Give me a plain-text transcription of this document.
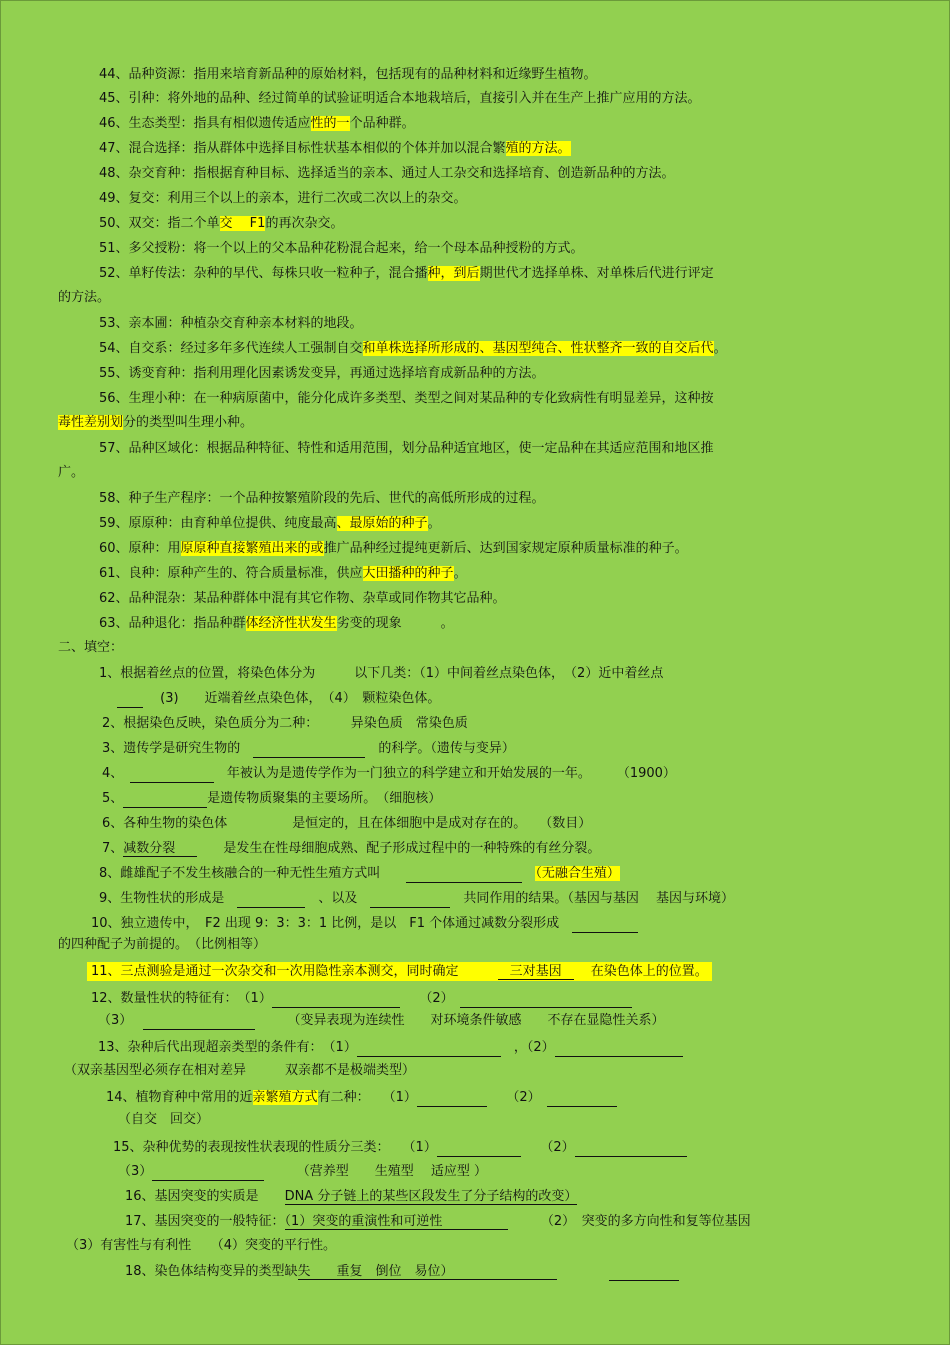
44、品种资源：指用来培育新品种的原始材料，包括现有的品种材料和近缘野生植物。
45、引种：将外地的品种、经过简单的试验证明适合本地栽培后，直接引入并在生产上推广应用的方法。
46、生态类型：指具有相似遗传适应性的一个品种群。
47、混合选择：指从群体中选择目标性状基本相似的个体并加以混合繁殖的方法。
48、杂交育种：指根据育种目标、选择适当的亲本、通过人工杂交和选择培育、创造新品种的方法。
49、复交：利用三个以上的亲本，进行二次或二次以上的杂交。
50、双交：指二个单交　 F1的再次杂交。
51、多父授粉：将一个以上的父本品种花粉混合起来，给一个母本品种授粉的方式。
52、单籽传法：杂种的早代、每株只收一粒种子，混合播种，到后期世代才选择单株、对单株后代进行评定
的方法。
53、亲本圃：种植杂交育种亲本材料的地段。
54、自交系：经过多年多代连续人工强制自交和单株选择所形成的、基因型纯合、性状整齐一致的自交后代。
55、诱变育种：指利用理化因素诱发变异，再通过选择培育成新品种的方法。
56、生理小种：在一种病原菌中，能分化成许多类型、类型之间对某品种的专化致病性有明显差异，这种按
毒性差别划分的类型叫生理小种。
57、品种区域化：根据品种特征、特性和适用范围，划分品种适宜地区，使一定品种在其适应范围和地区推
广。
58、种子生产程序：一个品种按繁殖阶段的先后、世代的高低所形成的过程。
59、原原种：由育种单位提供、纯度最高、最原始的种子。
60、原种：用原原种直接繁殖出来的或推广品种经过提纯更新后、达到国家规定原种质量标准的种子。
61、良种：原种产生的、符合质量标准，供应大田播种的种子。
62、品种混杂：某品种群体中混有其它作物、杂草或同作物其它品种。
63、品种退化：指品种群体经济性状发生劣变的现象　　　。
二、填空：
1、根据着丝点的位置，将染色体分为　　　以下几类：（1）中间着丝点染色体，　（2）近中着丝点
　 (3)　　近端着丝点染色体，　（4）　颗粒染色体。
2、根据染色反映，染色质分为二种：　　　异染色质　常染色质
3、遗传学是研究生物的　　	的科学。（遗传与变异）
4、　　	年被认为是遗传学作为一门独立的科学建立和开始发展的一年。　　　（1900）
5、	是遗传物质聚集的主要场所。　（细胞核）
6、各种生物的染色体　　　　　是恒定的，且在体细胞中是成对存在的。　　（数目）
7、减数分裂　　	是发生在性母细胞成熟、配子形成过程中的一种特殊的有丝分裂。
8、雌雄配子不发生核融合的一种无性生殖方式叫　　　	（无融合生殖）
9、生物性状的形成是　　	、以及　　	共同作用的结果。（基因与基因　 基因与环境）
10、独立遗传中，　F2 出现 9：3：3：1 比例，是以　F1 个体通过减数分裂形成　
的四种配子为前提的。　（比例相等）
11、三点测验是通过一次杂交和一次用隐性亲本测交，同时确定　　　	三对基因　 在染色体上的位置。
12、数量性状的特征有：　（1）　　	（2）　
（3）　 　　　	（变异表现为连续性　　对环境条件敏感　　不存在显隐性关系）
13、杂种后代出现超亲类型的条件有：　（1）　	，（2）
（双亲基因型必须存在相对差异　　　双亲都不是极端类型）
14、植物育种中常用的近亲繁殖方式有二种：　　（1）　　	（2）　
（自交　回交）
15、杂种优势的表现按性状表现的性质分三类：　　（1）　　	（2）
（3）　　　	（营养型　　生殖型　 适应型 ）
16、基因突变的实质是　　 DNA 分子链上的某些区段发生了分子结构的改变）
17、基因突变的一般特征：（1）突变的重演性和可逆性　　　	（2）　突变的多方向性和复等位基因
（3）有害性与有利性　　（4）突变的平行性。
18、染色体结构变异的类型缺失　　重复　倒位　易位）　　　　
